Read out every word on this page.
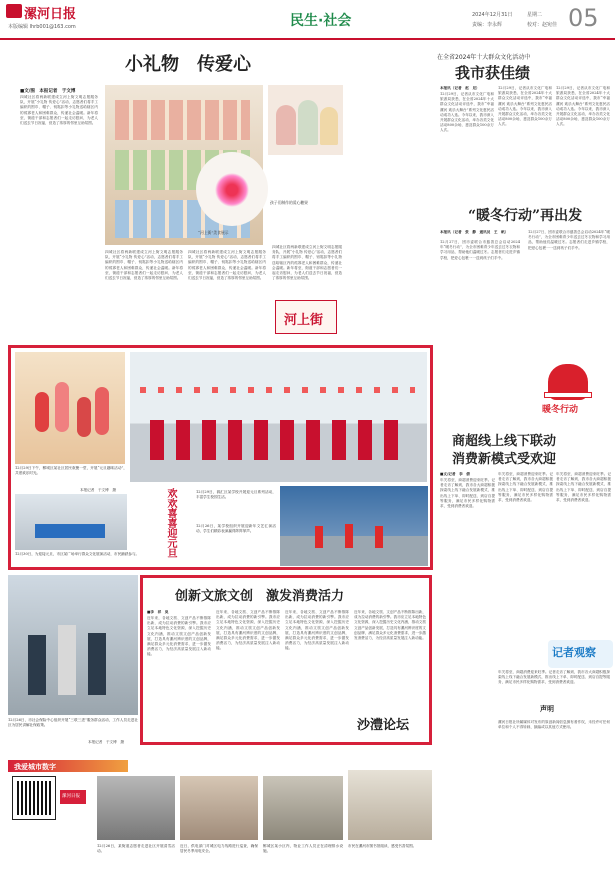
漯河日报
本版编辑 lhrb001@163.com	民生·社会	2024年12月31日	星期二
责编：李永辉	校对：赵宛佳 05
小礼物　传爱心
■文/图　本报记者　于文博
四城社区将两新联建成立河上街文明志愿服务队，开展“小礼物 传爱心”活动，志愿者们将手工编织的围巾、帽子、钥匙扣等小礼物送给辖区内的孤寡老人和困难群众，传递社会温暖。新年将至，街道干部和志愿者们一起走访慰问，为老人们送去节日祝福，营造了浓厚的邻里互助氛围。
孩子们制作的爱心糖果
“河上街”美食展示
四城社区将两新联建成立河上街文明志愿服务队，开展“小礼物 传爱心”活动，志愿者们将手工编织的围巾、帽子、钥匙扣等小礼物送给辖区内的孤寡老人和困难群众，传递社会温暖。新年将至，街道干部和志愿者们一起走访慰问，为老人们送去节日祝福，营造了浓厚的邻里互助氛围。
四城社区将两新联建成立河上街文明志愿服务队，开展“小礼物 传爱心”活动，志愿者们将手工编织的围巾、帽子、钥匙扣等小礼物送给辖区内的孤寡老人和困难群众，传递社会温暖。新年将至，街道干部和志愿者们一起走访慰问，为老人们送去节日祝福，营造了浓厚的邻里互助氛围。
四城社区将两新联建成立河上街文明志愿服务队，开展“小礼物 传爱心”活动，志愿者们将手工编织的围巾、帽子、钥匙扣等小礼物送给辖区内的孤寡老人和困难群众，传递社会温暖。新年将至，街道干部和志愿者们一起走访慰问，为老人们送去节日祝福，营造了浓厚的邻里互助氛围。
河上街
在全省2024年十大群众文化活动中
我市获佳绩
本报讯（记者　赵　见）
12月29日，记者从市文化广电和旅游局获悉，在全省2024年十大群众文化活动评选中，我市“幸福漯河 欢乐大舞台”系列文化惠民活动成功入选。今年以来，我市深入开展群众文化活动，举办各类文化活动800余场，惠及群众100余万人次。
12月29日，记者从市文化广电和旅游局获悉，在全省2024年十大群众文化活动评选中，我市“幸福漯河 欢乐大舞台”系列文化惠民活动成功入选。今年以来，我市深入开展群众文化活动，举办各类文化活动800余场，惠及群众100余万人次。
12月29日，记者从市文化广电和旅游局获悉，在全省2024年十大群众文化活动评选中，我市“幸福漯河 欢乐大舞台”系列文化惠民活动成功入选。今年以来，我市深入开展群众文化活动，举办各类文化活动800余场，惠及群众100余万人次。
“暖冬行动”再出发
本报讯（记者　张　静　通讯员　王　帆）
12月27日，团市委联合市慈善总会启动2024年“暖冬行动”，为全市困难青少年送去过冬衣物和学习用品，帮助他们温暖过冬。志愿者们走进乡镇学校，把爱心包裹一一送到孩子们手中。
12月27日，团市委联合市慈善总会启动2024年“暖冬行动”，为全市困难青少年送去过冬衣物和学习用品，帮助他们温暖过冬。志愿者们走进乡镇学校，把爱心包裹一一送到孩子们手中。
暖冬行动
商超线上线下联动
消费新模式受欢迎
■文/记者　李　倩
年关将至，商超消费迎来旺季。记者走访了解到，我市各大商超积极探索线上线下融合发展新模式，推出线上下单、即时配送、到店自提等服务，满足市民多样化购物需求，受到消费者欢迎。
年关将至，商超消费迎来旺季。记者走访了解到，我市各大商超积极探索线上线下融合发展新模式，推出线上下单、即时配送、到店自提等服务，满足市民多样化购物需求，受到消费者欢迎。
年关将至，商超消费迎来旺季。记者走访了解到，我市各大商超积极探索线上线下融合发展新模式，推出线上下单、即时配送、到店自提等服务，满足市民多样化购物需求，受到消费者欢迎。
记者观察
年关将至，商超消费迎来旺季。记者走访了解到，我市各大商超积极探索线上线下融合发展新模式，推出线上下单、即时配送、到店自提等服务，满足市民多样化购物需求，受到消费者欢迎。
声明
漯河日报社所属媒体对发布的原创新闻信息拥有著作权，未经许可任何单位和个人不得转载、摘编或以其他方式使用。
12月29日下午，郾城区某社区居民欢聚一堂，开展“元旦趣味活动”，共度欢乐时光。
本报记者　于文博　摄
12月30日，为迎接元旦，市区某广场举行群众文化展演活动，市民踊跃参与。	欢欢喜喜迎元旦	12月29日，源汇区某学校开展迎元旦系列活动，丰富学生校园生活。
12月26日，某学校组织开展迎新年文艺汇演活动，学生们精彩表演赢得阵阵掌声。
12月26日，市社会保险中心组织开展“三联三进”服务群众活动，工作人员走进社区为居民讲解社保政策。
本报记者　于文博　摄
创新文旅文创　激发消费活力
■李　祥　岚
近年来，各地文旅、文创产品不断推陈出新，成为拉动消费的新引擎。我市应立足本地特色文化资源，深入挖掘历史文化内涵，推动文旅文创产品创新发展，打造具有漯河辨识度的文创品牌，满足群众多元化消费需求，进一步激发消费活力，为经济高质量发展注入新动能。
近年来，各地文旅、文创产品不断推陈出新，成为拉动消费的新引擎。我市应立足本地特色文化资源，深入挖掘历史文化内涵，推动文旅文创产品创新发展，打造具有漯河辨识度的文创品牌，满足群众多元化消费需求，进一步激发消费活力，为经济高质量发展注入新动能。
近年来，各地文旅、文创产品不断推陈出新，成为拉动消费的新引擎。我市应立足本地特色文化资源，深入挖掘历史文化内涵，推动文旅文创产品创新发展，打造具有漯河辨识度的文创品牌，满足群众多元化消费需求，进一步激发消费活力，为经济高质量发展注入新动能。
近年来，各地文旅、文创产品不断推陈出新，成为拉动消费的新引擎。我市应立足本地特色文化资源，深入挖掘历史文化内涵，推动文旅文创产品创新发展，打造具有漯河辨识度的文创品牌，满足群众多元化消费需求，进一步激发消费活力，为经济高质量发展注入新动能。
沙澧论坛
我爱城市数字
漯河日报
12月26日，某街道志愿者走进社区开展清雪活动。
近日，供电部门对城区电力线路进行巡查，确保居民冬季用电安全。
郾城区某小区内，物业工作人员正在清理排水设施。
市民在漯河市图书馆阅读，感受书香氛围。
